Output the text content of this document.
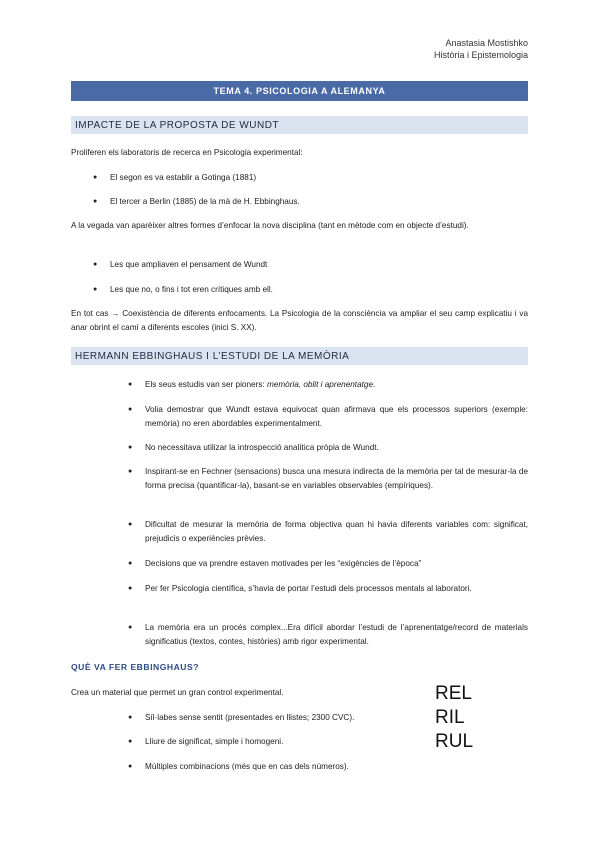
Anastasia Mostishko
Història i Epistemologia
TEMA 4. PSICOLOGIA A ALEMANYA
IMPACTE DE LA PROPOSTA DE WUNDT
Proliferen els laboratoris de recerca en Psicologia experimental:
● El segon es va establir a Gotinga (1881)
● El tercer a Berlin (1885) de la mà de H. Ebbinghaus.
A la vegada van aparèixer altres formes d’enfocar la nova disciplina (tant en mètode com en objecte d’estudi).
● Les que ampliaven el pensament de Wundt
● Les que no, o fins i tot eren crítiques amb ell.
En tot cas → Coexistència de diferents enfocaments. La Psicologia de la consciència va ampliar el seu camp explicatiu i va anar obrint el camí a diferents escoles (inici S. XX).
HERMANN EBBINGHAUS I L’ESTUDI DE LA MEMÒRIA
● Els seus estudis van ser pioners: memòria, oblit i aprenentatge.
● Volia demostrar que Wundt estava equivocat quan afirmava que els processos superiors (exemple: memòria) no eren abordables experimentalment.
● No necessitava utilizar la introspecció analítica pròpia de Wundt.
● Inspirant-se en Fechner (sensacions) busca una mesura indirecta de la memòria per tal de mesurar-la de forma precisa (quantificar-la), basant-se en variables observables (empíriques).
● Dificultat de mesurar la memòria de forma objectiva quan hi havia diferents variables com: significat, prejudicis o experiències prèvies.
● Decisions que va prendre estaven motivades per les “exigències de l’època”
● Per fer Psicologia científica, s’havia de portar l’estudi dels processos mentals al laboratori.
● La memòria era un procés complex...Era difícil abordar l’estudi de l’aprenentatge/record de materials significatius (textos, contes, històries) amb rigor experimental.
QUÈ VA FER EBBINGHAUS?
Crea un material que permet un gran control experimental.
● Síl·labes sense sentit (presentades en llistes; 2300 CVC).
● Lliure de significat, simple i homogeni.
● Múltiples combinacions (més que en cas dels números).
REL
RIL
RUL
